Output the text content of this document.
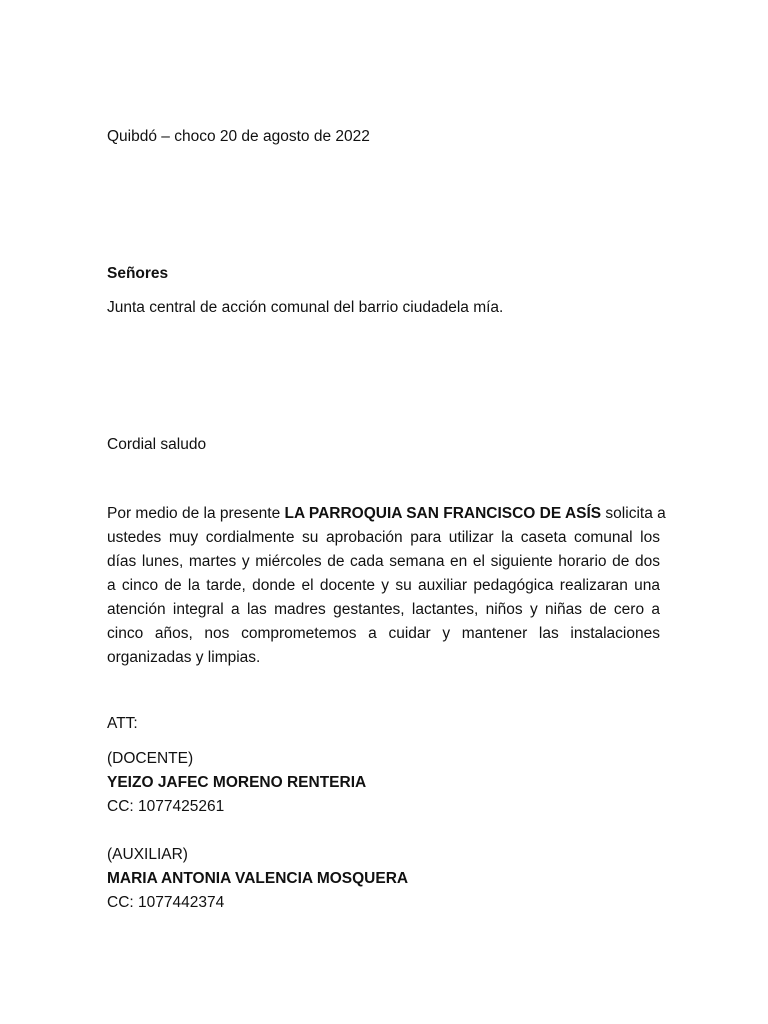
Quibdó – choco 20 de agosto de 2022
Señores
Junta central de acción comunal del barrio ciudadela mía.
Cordial saludo
Por medio de la presente LA PARROQUIA SAN FRANCISCO DE ASÍS solicita a
ustedes muy cordialmente su aprobación para utilizar la caseta comunal los
días lunes, martes y miércoles de cada semana en el siguiente horario de dos
a cinco de la tarde, donde el docente y su auxiliar pedagógica realizaran una
atención integral a las madres gestantes, lactantes, niños y niñas de cero a
cinco años, nos comprometemos a cuidar y mantener las instalaciones
organizadas y limpias.
ATT:
(DOCENTE)
YEIZO JAFEC MORENO RENTERIA
CC: 1077425261
(AUXILIAR)
MARIA ANTONIA VALENCIA MOSQUERA
CC: 1077442374
